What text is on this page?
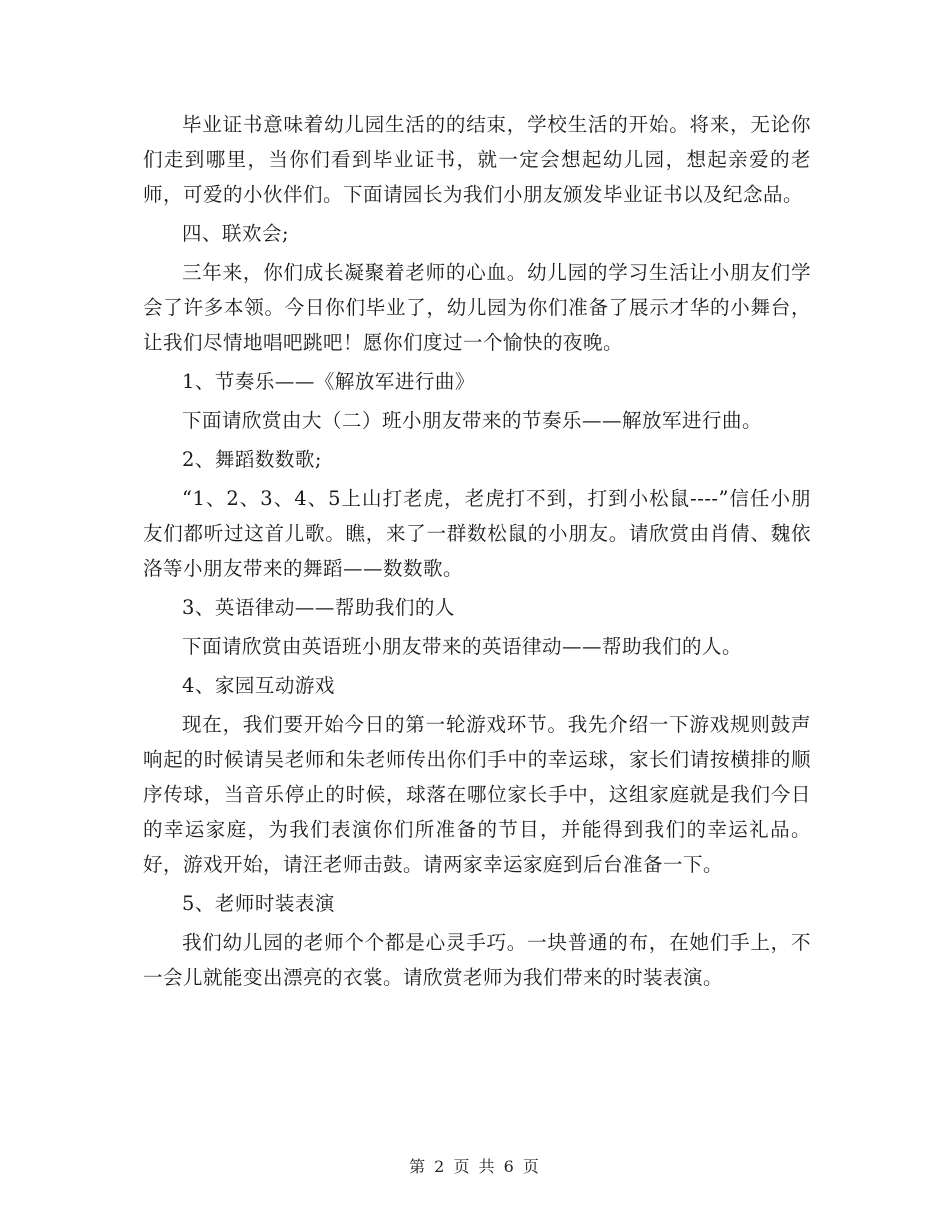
毕业证书意味着幼儿园生活的的结束，学校生活的开始。将来，无论你们走到哪里，当你们看到毕业证书，就一定会想起幼儿园，想起亲爱的老师，可爱的小伙伴们。下面请园长为我们小朋友颁发毕业证书以及纪念品。

四、联欢会;

三年来，你们成长凝聚着老师的心血。幼儿园的学习生活让小朋友们学会了许多本领。今日你们毕业了，幼儿园为你们准备了展示才华的小舞台，让我们尽情地唱吧跳吧！愿你们度过一个愉快的夜晚。

1、节奏乐——《解放军进行曲》

下面请欣赏由大（二）班小朋友带来的节奏乐——解放军进行曲。

2、舞蹈数数歌;

“1、2、3、4、5上山打老虎，老虎打不到，打到小松鼠----”信任小朋友们都听过这首儿歌。瞧，来了一群数松鼠的小朋友。请欣赏由肖倩、魏依洛等小朋友带来的舞蹈——数数歌。

3、英语律动——帮助我们的人

下面请欣赏由英语班小朋友带来的英语律动——帮助我们的人。

4、家园互动游戏

现在，我们要开始今日的第一轮游戏环节。我先介绍一下游戏规则鼓声响起的时候请吴老师和朱老师传出你们手中的幸运球，家长们请按横排的顺序传球，当音乐停止的时候，球落在哪位家长手中，这组家庭就是我们今日的幸运家庭，为我们表演你们所准备的节目，并能得到我们的幸运礼品。好，游戏开始，请汪老师击鼓。请两家幸运家庭到后台准备一下。

5、老师时装表演

我们幼儿园的老师个个都是心灵手巧。一块普通的布，在她们手上，不一会儿就能变出漂亮的衣裳。请欣赏老师为我们带来的时装表演。

第 2 页 共 6 页
